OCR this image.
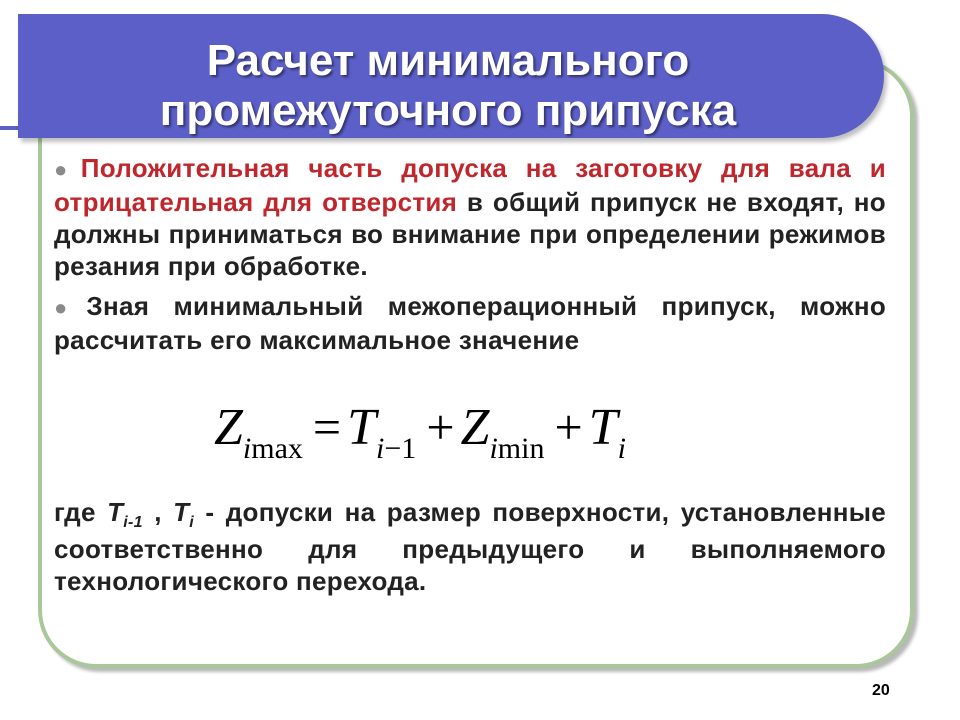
Расчет минимального
промежуточного припуска

●Положительная часть допуска на заготовку для вала и отрицательная для отверстия в общий припуск не входят, но должны приниматься во внимание при определении режимов резания при обработке.

●Зная минимальный межоперационный припуск, можно рассчитать его максимальное значение

Zimax = Ti−1 + Zimin + Ti
где $Т_{i-1}$ , $Т_i$ - допуски на размер поверхности, установленные соответственно для предыдущего и выполняемого технологического перехода.
20
